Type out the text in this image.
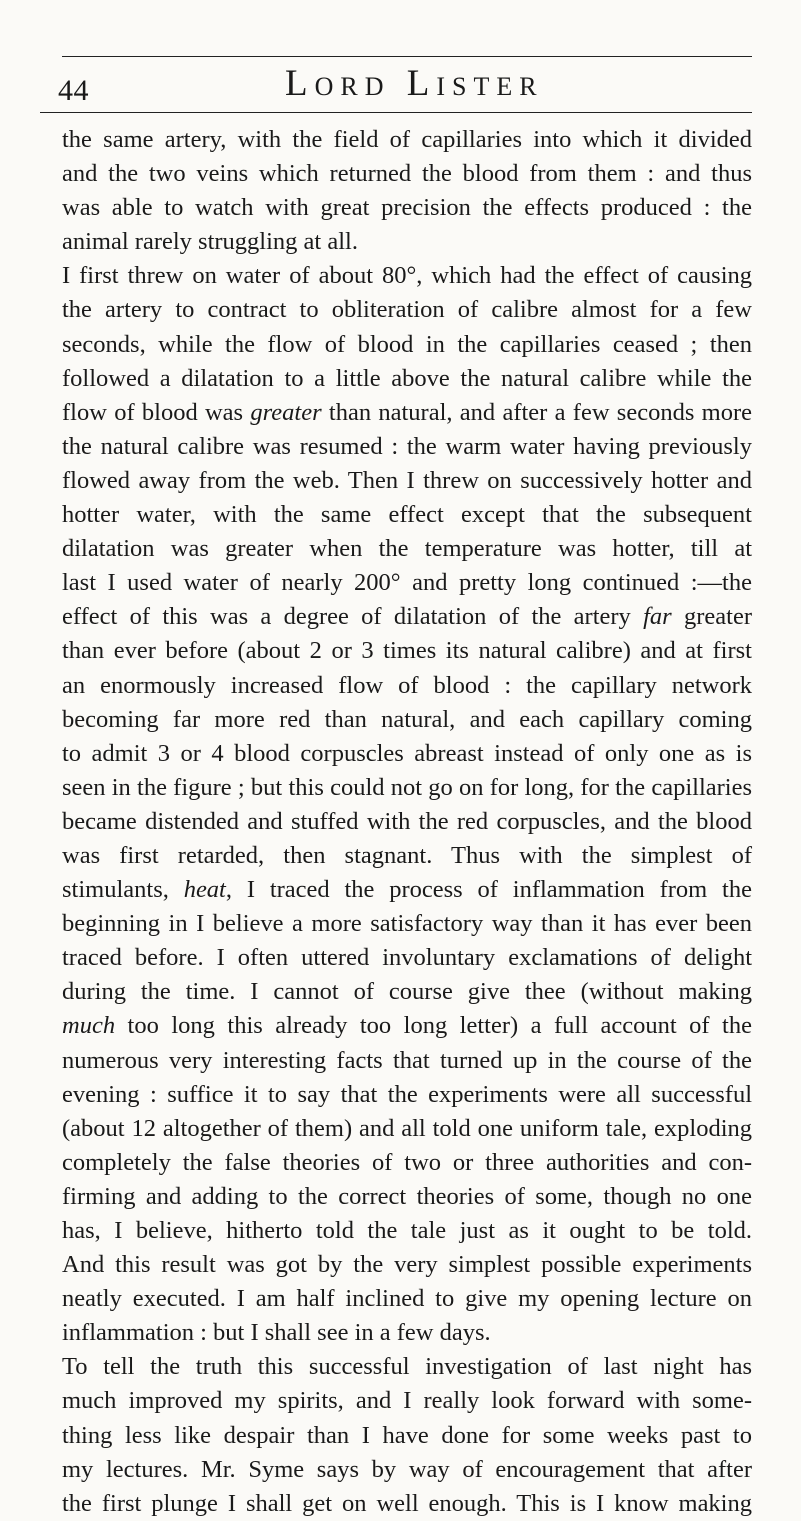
44	Lord Lister
the same artery, with the field of capillaries into which it divided
and the two veins which returned the blood from them : and thus
was able to watch with great precision the effects produced : the
animal rarely struggling at all.
I first threw on water of about 80°, which had the effect of causing
the artery to contract to obliteration of calibre almost for a few
seconds, while the flow of blood in the capillaries ceased ; then
followed a dilatation to a little above the natural calibre while the
flow of blood was greater than natural, and after a few seconds more
the natural calibre was resumed : the warm water having previously
flowed away from the web. Then I threw on successively hotter and
hotter water, with the same effect except that the subsequent
dilatation was greater when the temperature was hotter, till at
last I used water of nearly 200° and pretty long continued :—the
effect of this was a degree of dilatation of the artery far greater
than ever before (about 2 or 3 times its natural calibre) and at first
an enormously increased flow of blood : the capillary network
becoming far more red than natural, and each capillary coming
to admit 3 or 4 blood corpuscles abreast instead of only one as is
seen in the figure ; but this could not go on for long, for the capillaries
became distended and stuffed with the red corpuscles, and the blood
was first retarded, then stagnant. Thus with the simplest of
stimulants, heat, I traced the process of inflammation from the
beginning in I believe a more satisfactory way than it has ever been
traced before. I often uttered involuntary exclamations of delight
during the time. I cannot of course give thee (without making
much too long this already too long letter) a full account of the
numerous very interesting facts that turned up in the course of the
evening : suffice it to say that the experiments were all successful
(about 12 altogether of them) and all told one uniform tale, exploding
completely the false theories of two or three authorities and con-
firming and adding to the correct theories of some, though no one
has, I believe, hitherto told the tale just as it ought to be told.
And this result was got by the very simplest possible experiments
neatly executed. I am half inclined to give my opening lecture on
inflammation : but I shall see in a few days.
To tell the truth this successful investigation of last night has
much improved my spirits, and I really look forward with some-
thing less like despair than I have done for some weeks past to
my lectures. Mr. Syme says by way of encouragement that after
the first plunge I shall get on well enough. This is I know making
